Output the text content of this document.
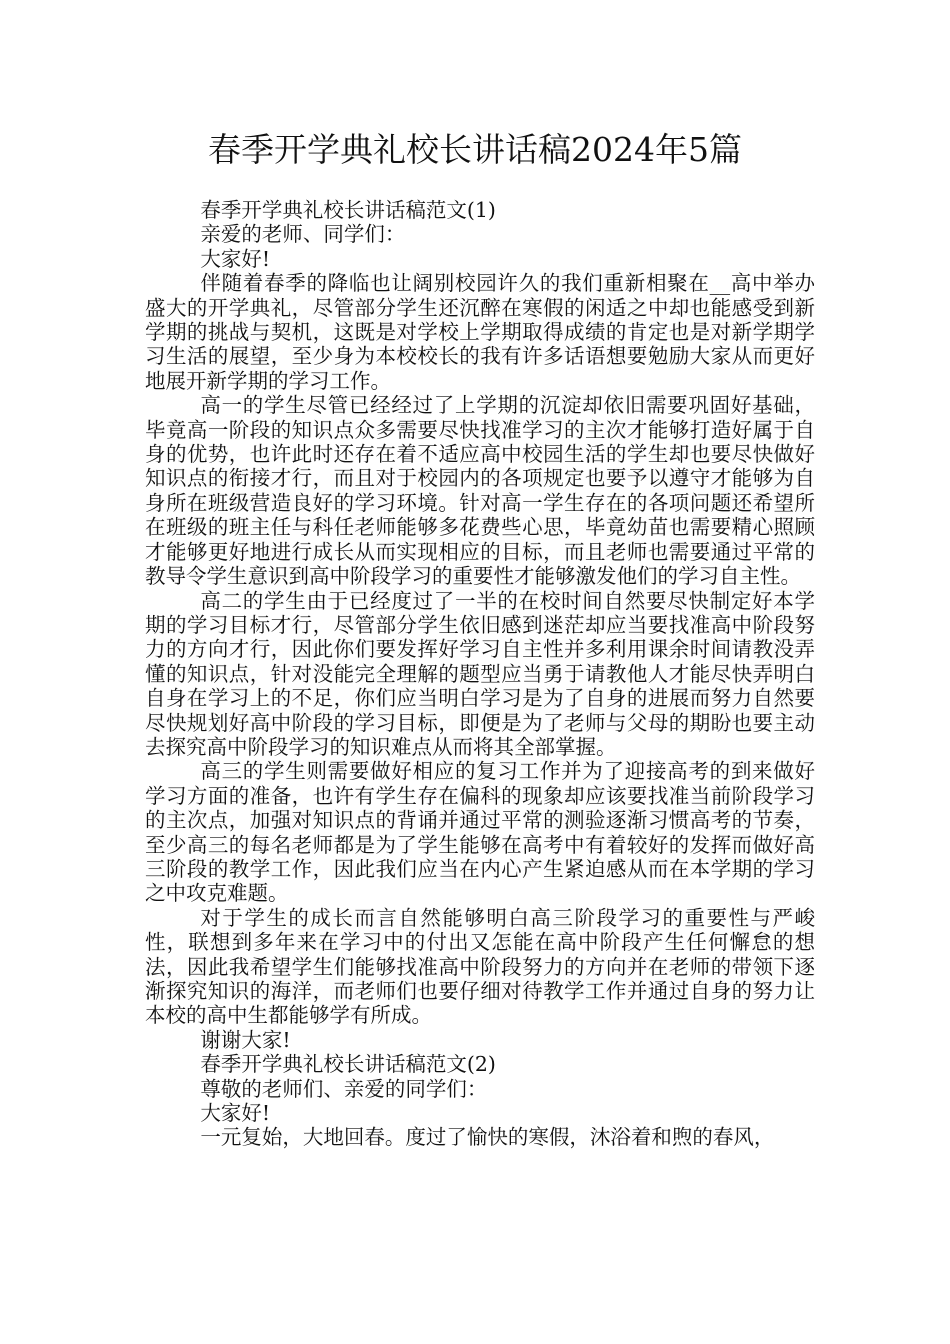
春季开学典礼校长讲话稿2024年5篇

春季开学典礼校长讲话稿范文(1)

亲爱的老师、同学们：

大家好!

伴随着春季的降临也让阔别校园许久的我们重新相聚在__高中举办盛大的开学典礼，尽管部分学生还沉醉在寒假的闲适之中却也能感受到新学期的挑战与契机，这既是对学校上学期取得成绩的肯定也是对新学期学习生活的展望，至少身为本校校长的我有许多话语想要勉励大家从而更好地展开新学期的学习工作。

高一的学生尽管已经经过了上学期的沉淀却依旧需要巩固好基础，毕竟高一阶段的知识点众多需要尽快找准学习的主次才能够打造好属于自身的优势，也许此时还存在着不适应高中校园生活的学生却也要尽快做好知识点的衔接才行，而且对于校园内的各项规定也要予以遵守才能够为自身所在班级营造良好的学习环境。针对高一学生存在的各项问题还希望所在班级的班主任与科任老师能够多花费些心思，毕竟幼苗也需要精心照顾才能够更好地进行成长从而实现相应的目标，而且老师也需要通过平常的教导令学生意识到高中阶段学习的重要性才能够激发他们的学习自主性。

高二的学生由于已经度过了一半的在校时间自然要尽快制定好本学期的学习目标才行，尽管部分学生依旧感到迷茫却应当要找准高中阶段努力的方向才行，因此你们要发挥好学习自主性并多利用课余时间请教没弄懂的知识点，针对没能完全理解的题型应当勇于请教他人才能尽快弄明白自身在学习上的不足，你们应当明白学习是为了自身的进展而努力自然要尽快规划好高中阶段的学习目标，即便是为了老师与父母的期盼也要主动去探究高中阶段学习的知识难点从而将其全部掌握。

高三的学生则需要做好相应的复习工作并为了迎接高考的到来做好学习方面的准备，也许有学生存在偏科的现象却应该要找准当前阶段学习的主次点，加强对知识点的背诵并通过平常的测验逐渐习惯高考的节奏，至少高三的每名老师都是为了学生能够在高考中有着较好的发挥而做好高三阶段的教学工作，因此我们应当在内心产生紧迫感从而在本学期的学习之中攻克难题。

对于学生的成长而言自然能够明白高三阶段学习的重要性与严峻性，联想到多年来在学习中的付出又怎能在高中阶段产生任何懈怠的想法，因此我希望学生们能够找准高中阶段努力的方向并在老师的带领下逐渐探究知识的海洋，而老师们也要仔细对待教学工作并通过自身的努力让本校的高中生都能够学有所成。

谢谢大家!

春季开学典礼校长讲话稿范文(2)

尊敬的老师们、亲爱的同学们：

大家好!

一元复始，大地回春。度过了愉快的寒假，沐浴着和煦的春风，
